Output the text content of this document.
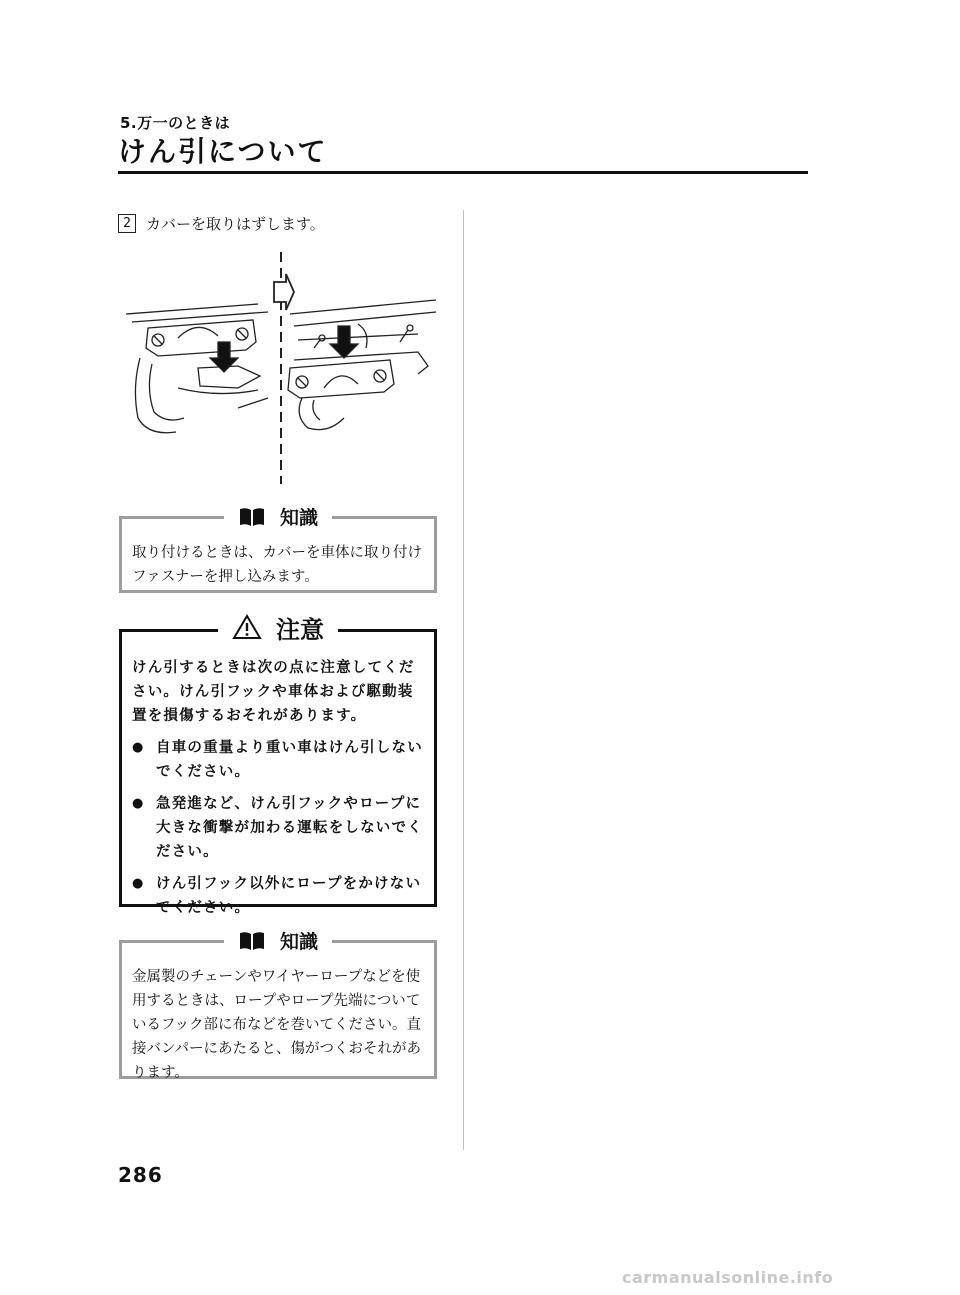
5.万一のときは
けん引について
2	カバーを取りはずします。
知識
取り付けるときは、カバーを車体に取り付けファスナーを押し込みます。
注意
けん引するときは次の点に注意してください。けん引フックや車体および駆動装置を損傷するおそれがあります。
● 自車の重量より重い車はけん引しないでください。
● 急発進など、けん引フックやロープに大きな衝撃が加わる運転をしないでください。
● けん引フック以外にロープをかけないでください。
知識
金属製のチェーンやワイヤーロープなどを使用するときは、ロープやロープ先端についているフック部に布などを巻いてください。直接バンパーにあたると、傷がつくおそれがあります。
286
carmanualsonline.info
